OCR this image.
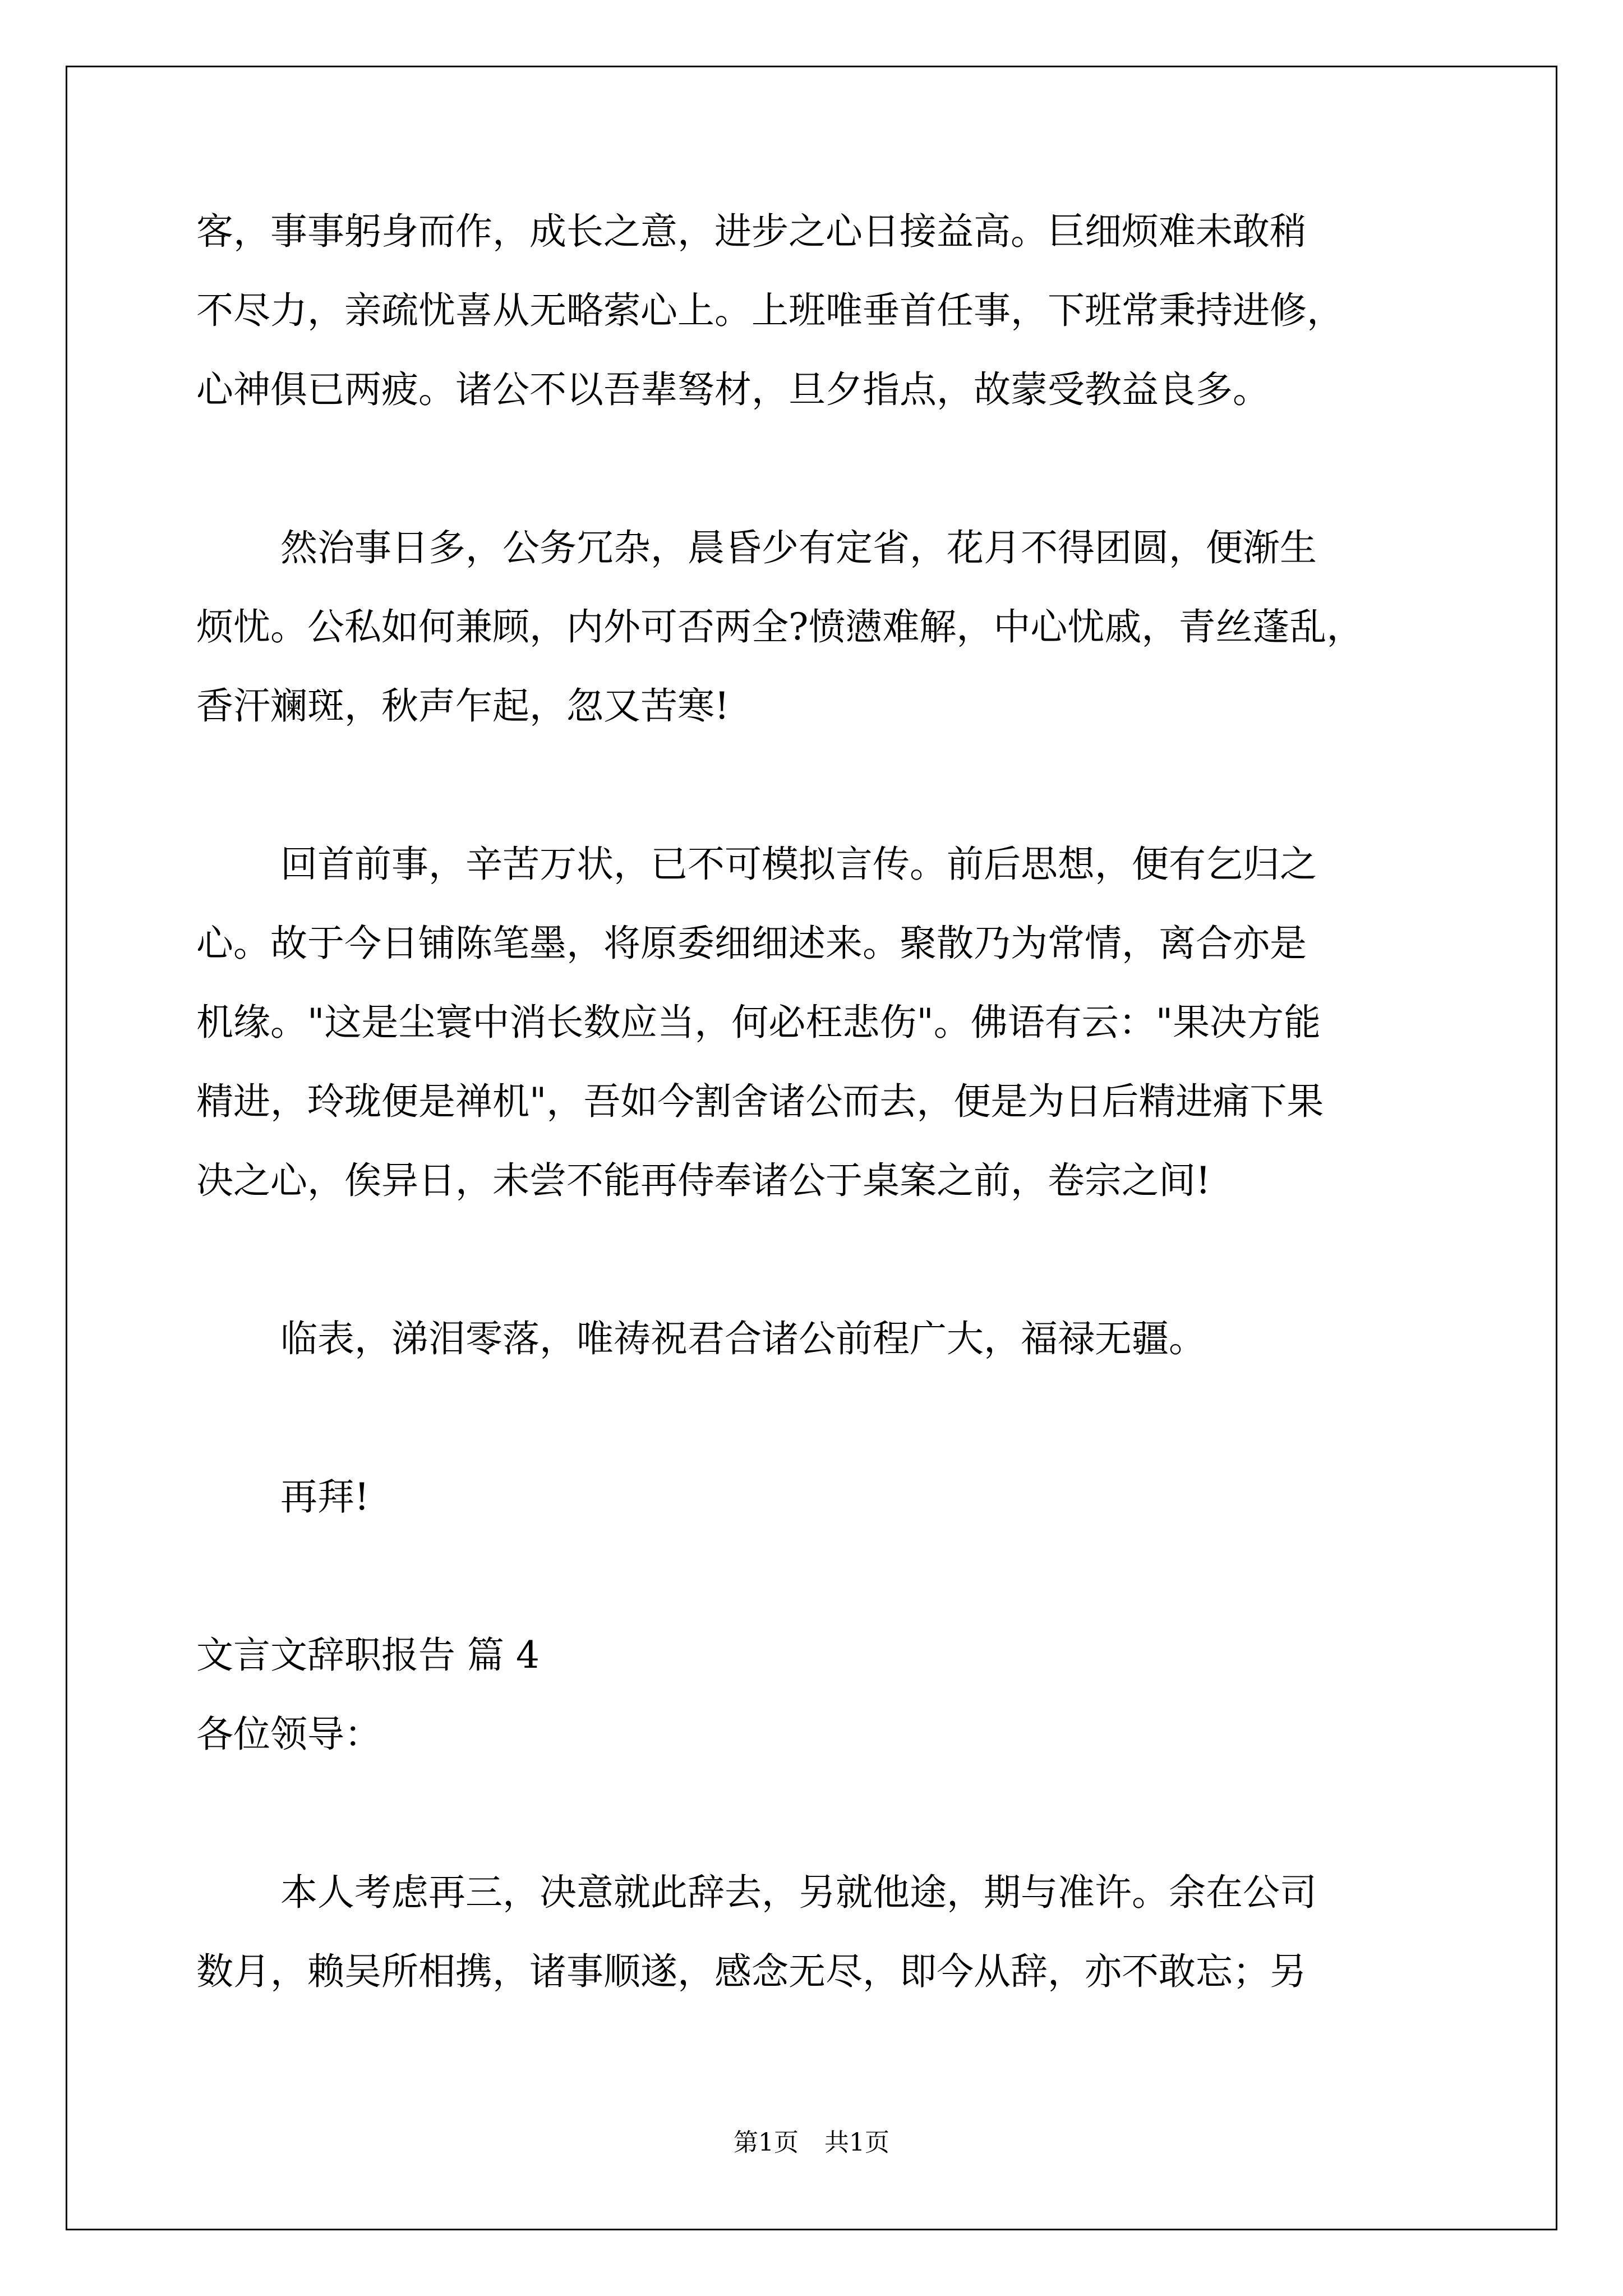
客，事事躬身而作，成长之意，进步之心日接益高。巨细烦难未敢稍
不尽力，亲疏忧喜从无略萦心上。上班唯垂首任事，下班常秉持进修，
心神俱已两疲。诸公不以吾辈驽材，旦夕指点，故蒙受教益良多。
然治事日多，公务冗杂，晨昏少有定省，花月不得团圆，便渐生
烦忧。公私如何兼顾，内外可否两全?愤懑难解，中心忧戚，青丝蓬乱，
香汗斓斑，秋声乍起，忽又苦寒!
回首前事，辛苦万状，已不可模拟言传。前后思想，便有乞归之
心。故于今日铺陈笔墨，将原委细细述来。聚散乃为常情，离合亦是
机缘。"这是尘寰中消长数应当，何必枉悲伤"。佛语有云："果决方能
精进，玲珑便是禅机"，吾如今割舍诸公而去，便是为日后精进痛下果
决之心，俟异日，未尝不能再侍奉诸公于桌案之前，卷宗之间!
临表，涕泪零落，唯祷祝君合诸公前程广大，福禄无疆。
再拜!
文言文辞职报告 篇 4
各位领导：
本人考虑再三，决意就此辞去，另就他途，期与准许。余在公司
数月，赖吴所相携，诸事顺遂，感念无尽，即今从辞，亦不敢忘；另
第1页 共1页
